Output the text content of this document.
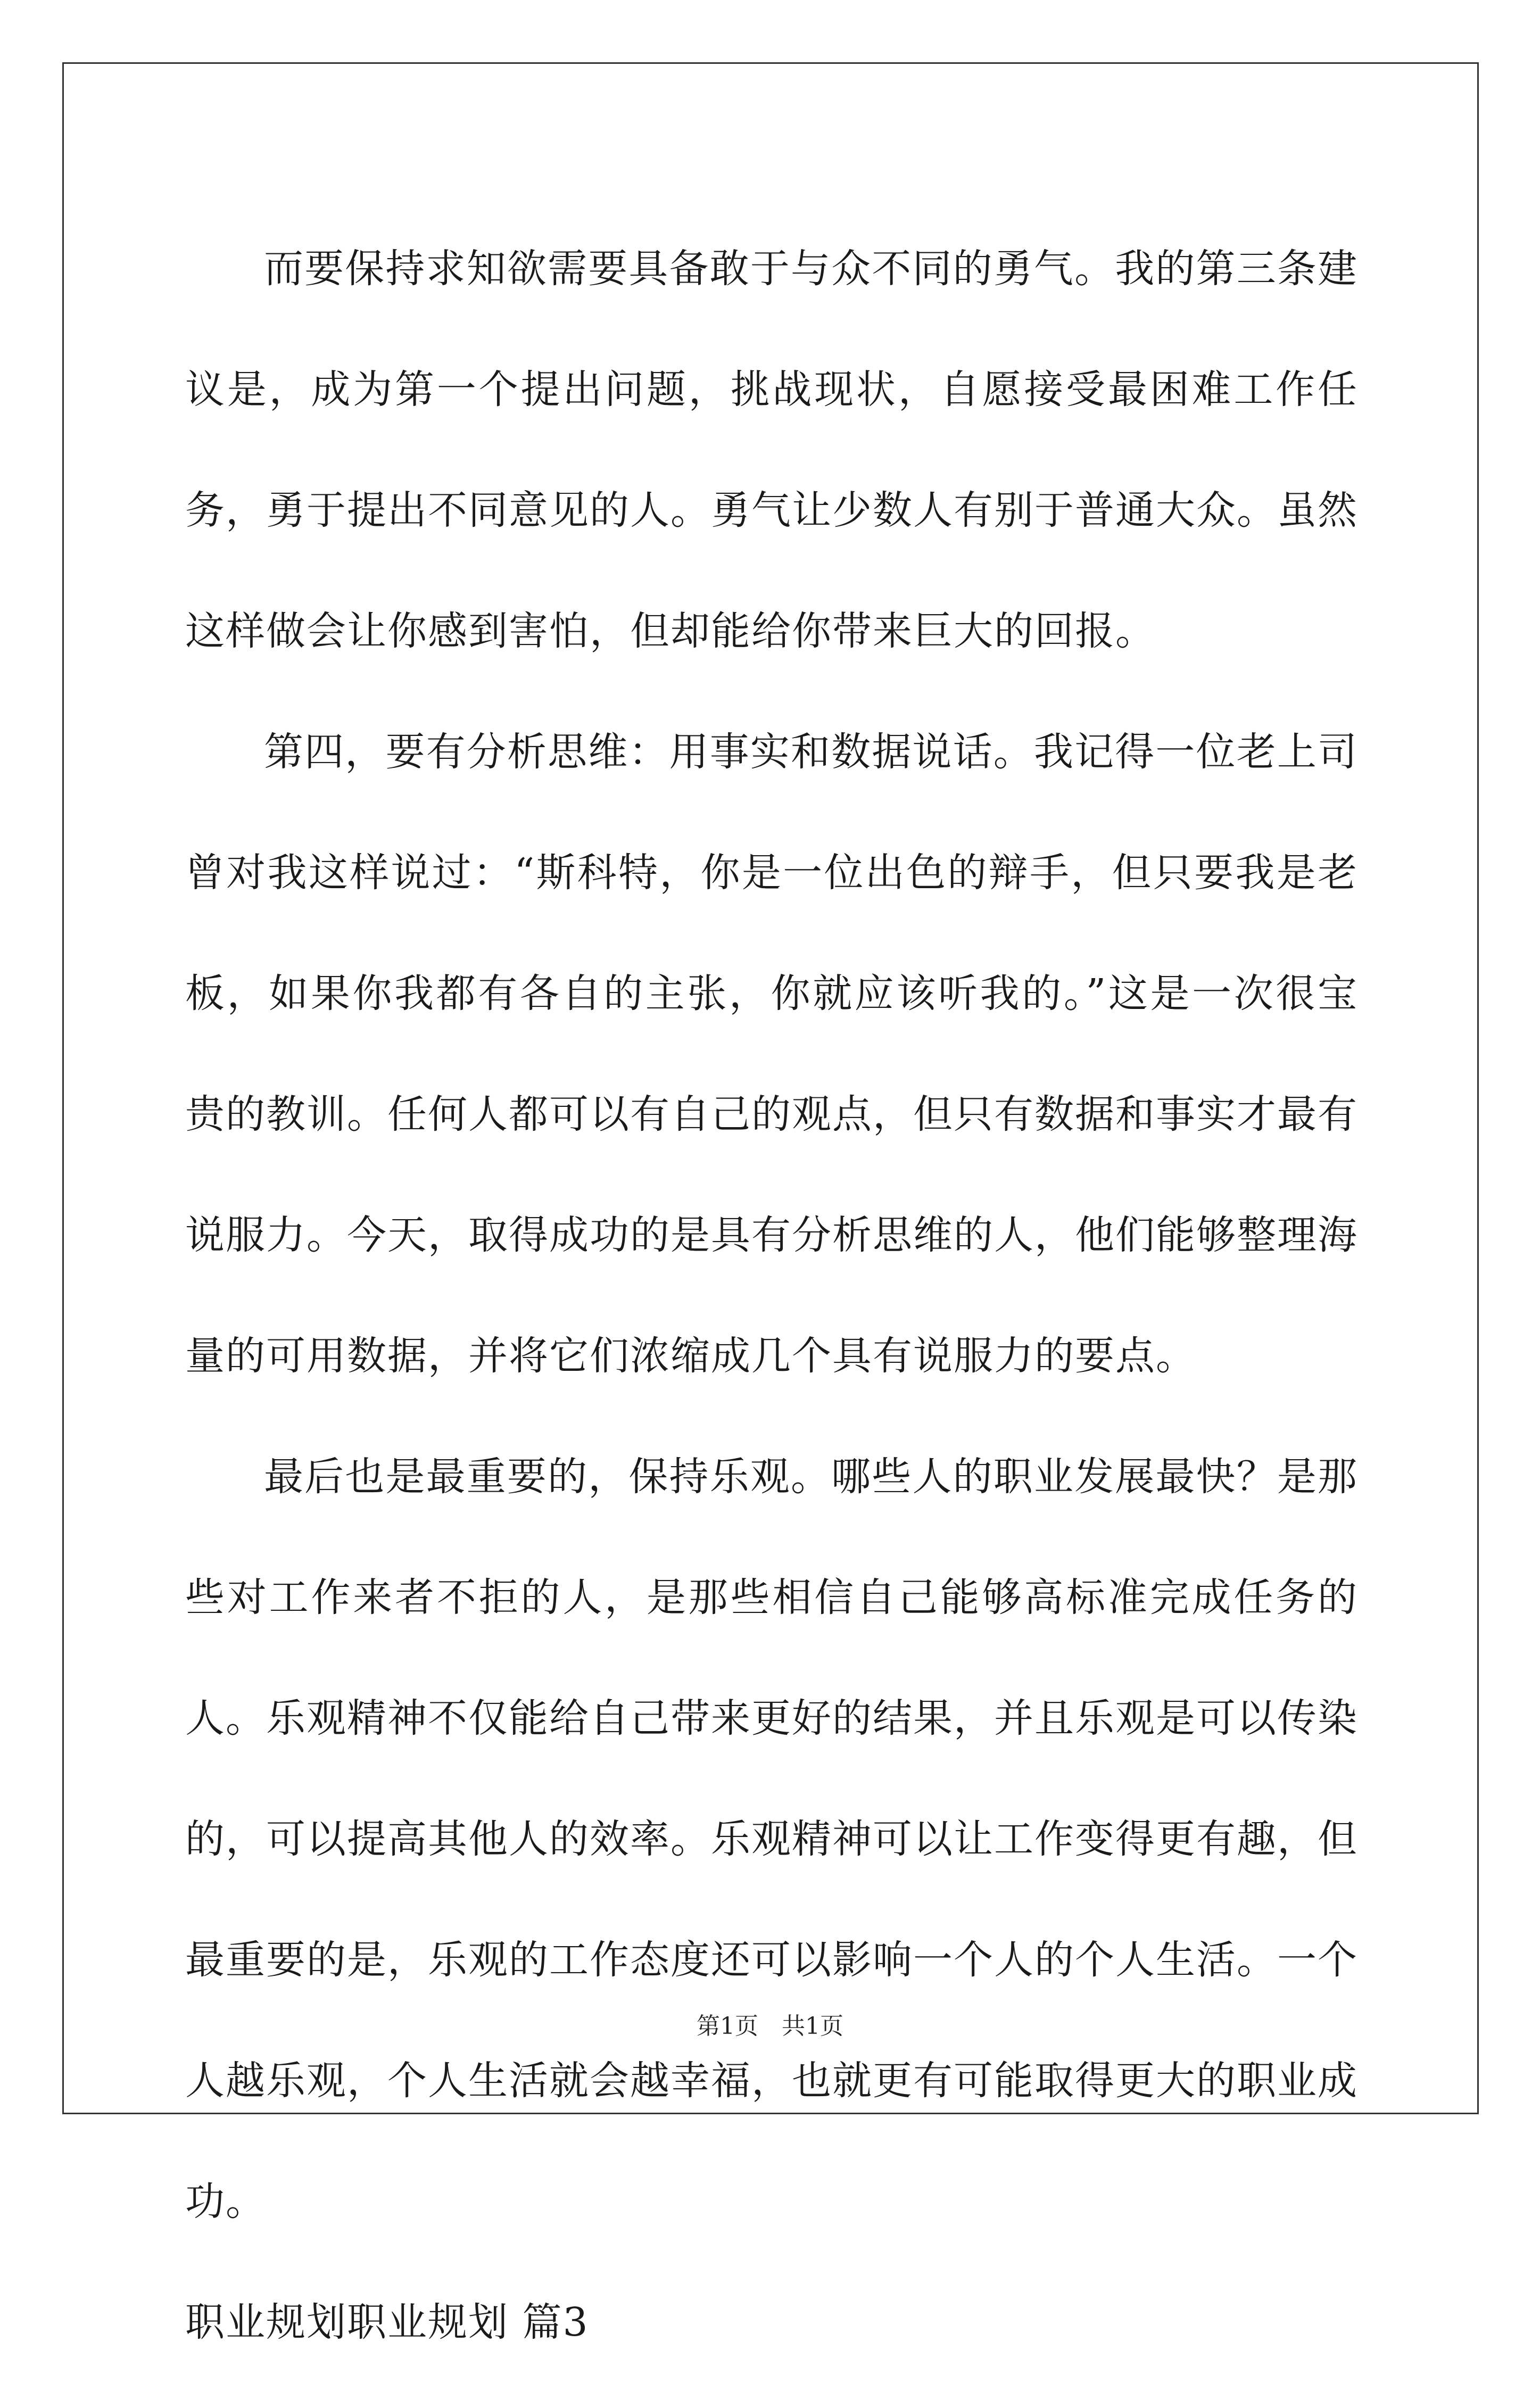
而要保持求知欲需要具备敢于与众不同的勇气。我的第三条建议是，成为第一个提出问题，挑战现状，自愿接受最困难工作任务，勇于提出不同意见的人。勇气让少数人有别于普通大众。虽然这样做会让你感到害怕，但却能给你带来巨大的回报。

第四，要有分析思维：用事实和数据说话。我记得一位老上司曾对我这样说过：“斯科特，你是一位出色的辩手，但只要我是老板，如果你我都有各自的主张，你就应该听我的。”这是一次很宝贵的教训。任何人都可以有自己的观点，但只有数据和事实才最有说服力。今天，取得成功的是具有分析思维的人，他们能够整理海量的可用数据，并将它们浓缩成几个具有说服力的要点。

最后也是最重要的，保持乐观。哪些人的职业发展最快？是那些对工作来者不拒的人，是那些相信自己能够高标准完成任务的人。乐观精神不仅能给自己带来更好的结果，并且乐观是可以传染的，可以提高其他人的效率。乐观精神可以让工作变得更有趣，但最重要的是，乐观的工作态度还可以影响一个人的个人生活。一个人越乐观，个人生活就会越幸福，也就更有可能取得更大的职业成功。

职业规划职业规划 篇3

第1页　共1页
